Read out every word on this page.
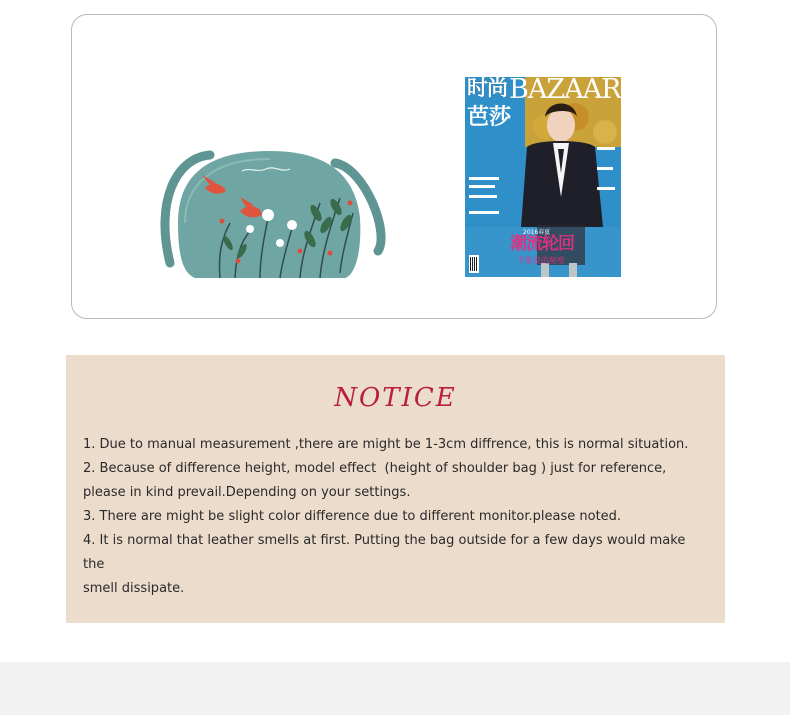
时尚 BAZAAR
芭莎
2016春夏
潮流轮回
不能说的秘密
NOTICE
1. Due to manual measurement ,there are might be 1-3cm diffrence, this is normal situation.
2. Because of difference height, model effect  (height of shoulder bag ) just for reference,
please in kind prevail.Depending on your settings.
3. There are might be slight color difference due to different monitor.please noted.
4. It is normal that leather smells at first. Putting the bag outside for a few days would make
the
smell dissipate.
